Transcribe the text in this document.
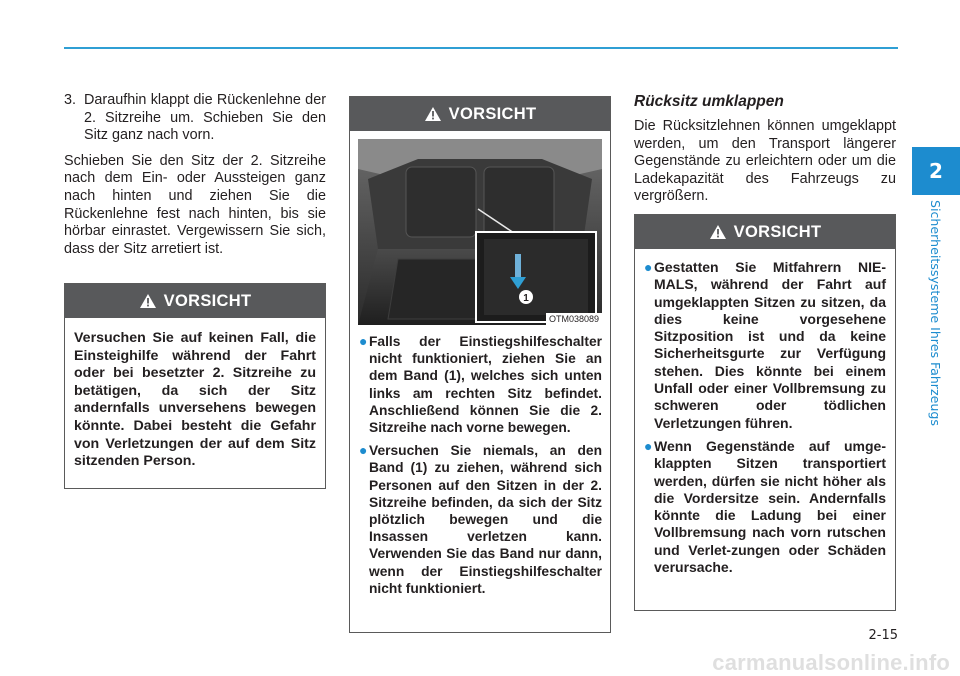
2
Sicherheitssysteme Ihres Fahrzeugs
3. Daraufhin klappt die Rückenlehne der 2. Sitzreihe um. Schieben Sie den Sitz ganz nach vorn.

Schieben Sie den Sitz der 2. Sitzreihe nach dem Ein- oder Aussteigen ganz nach hinten und ziehen Sie die Rückenlehne fest nach hinten, bis sie hörbar einrastet. Vergewissern Sie sich, dass der Sitz arretiert ist.

VORSICHT
Versuchen Sie auf keinen Fall, die Einsteighilfe während der Fahrt oder bei besetzter 2. Sitzreihe zu betätigen, da sich der Sitz andernfalls unversehens bewegen könnte. Dabei besteht die Gefahr von Verletzungen der auf dem Sitz sitzenden Person.
VORSICHT
1
OTM038089
● Falls der Einstiegshilfeschalter nicht funktioniert, ziehen Sie an dem Band (1), welches sich unten links am rechten Sitz befindet. Anschließend können Sie die 2. Sitzreihe nach vorne bewegen.
● Versuchen Sie niemals, an den Band (1) zu ziehen, während sich Personen auf den Sitzen in der 2. Sitzreihe befinden, da sich der Sitz plötzlich bewegen und die Insassen verletzen kann. Verwenden Sie das Band nur dann, wenn der Einstiegshilfeschalter nicht funktioniert.
Rücksitz umklappen

Die Rücksitzlehnen können umgeklappt werden, um den Transport längerer Gegenstände zu erleichtern oder um die Ladekapazität des Fahrzeugs zu vergrößern.

VORSICHT
● Gestatten Sie Mitfahrern NIE-MALS, während der Fahrt auf umgeklappten Sitzen zu sitzen, da dies keine vorgesehene Sitzposition ist und da keine Sicherheitsgurte zur Verfügung stehen. Dies könnte bei einem Unfall oder einer Vollbremsung zu schweren oder tödlichen Verletzungen führen.
● Wenn Gegenstände auf umge-klappten Sitzen transportiert werden, dürfen sie nicht höher als die Vordersitze sein. Andernfalls könnte die Ladung bei einer Vollbremsung nach vorn rutschen und Verlet-zungen oder Schäden verursache.
2-15
carmanualsonline.info
